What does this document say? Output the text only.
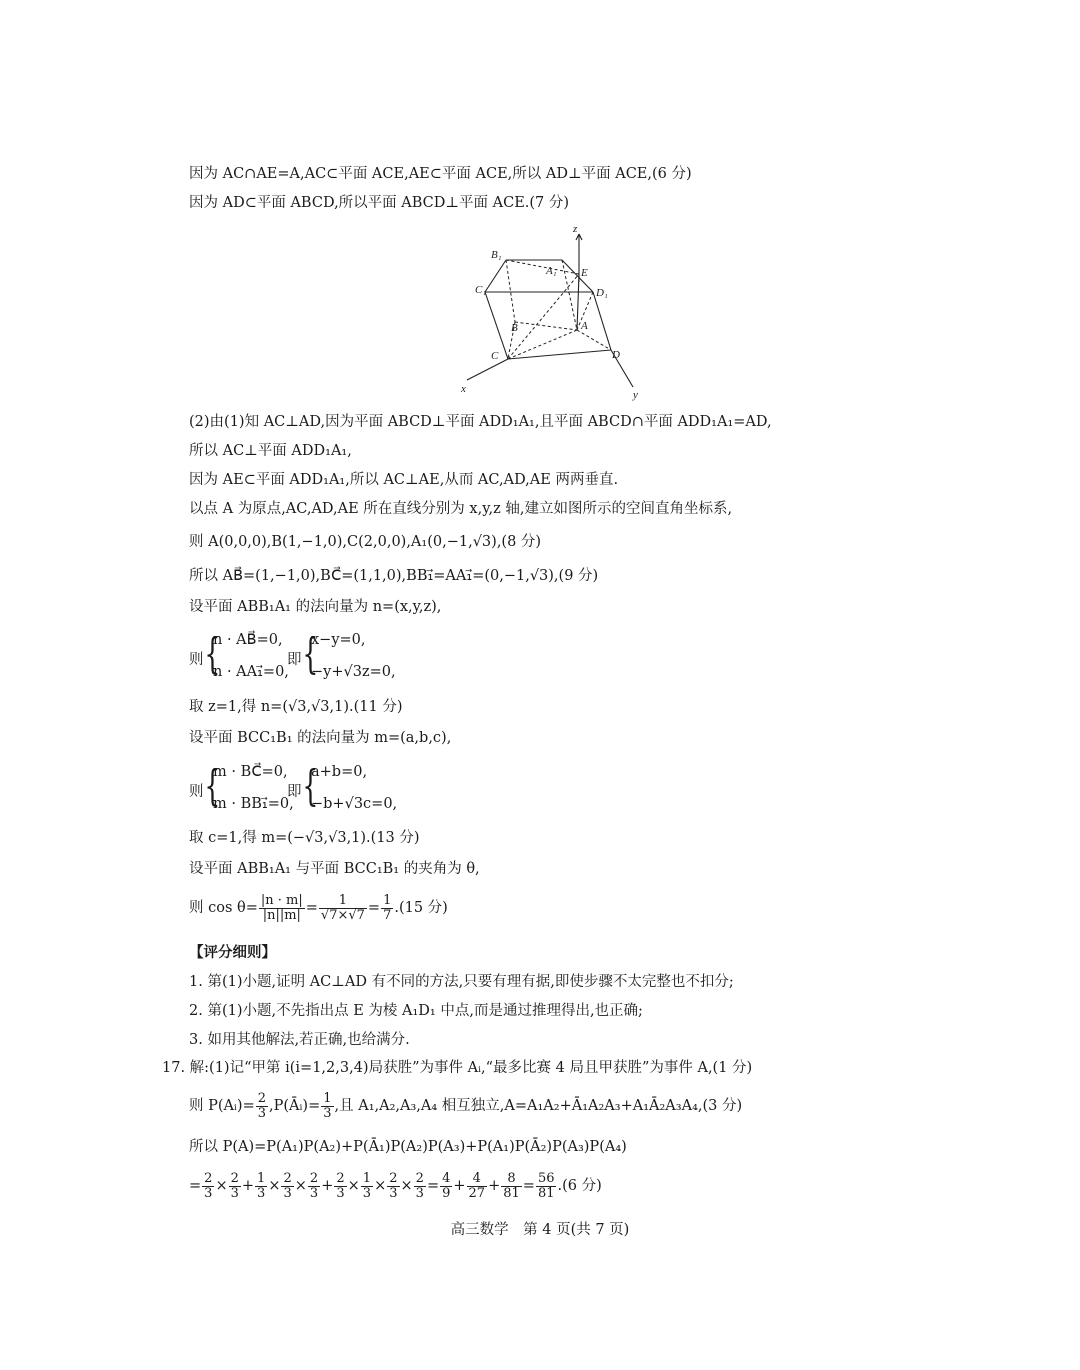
因为 AC∩AE=A,AC⊂平面 ACE,AE⊂平面 ACE,所以 AD⊥平面 ACE,(6 分)
因为 AD⊂平面 ABCD,所以平面 ABCD⊥平面 ACE.(7 分)
B₁
A₁ E
C₁	D₁
B	A
C	D
x	y
z
(2)由(1)知 AC⊥AD,因为平面 ABCD⊥平面 ADD₁A₁,且平面 ABCD∩平面 ADD₁A₁=AD,
所以 AC⊥平面 ADD₁A₁,
因为 AE⊂平面 ADD₁A₁,所以 AC⊥AE,从而 AC,AD,AE 两两垂直.
以点 A 为原点,AC,AD,AE 所在直线分别为 x,y,z 轴,建立如图所示的空间直角坐标系,
则 A(0,0,0),B(1,−1,0),C(2,0,0),A₁(0,−1,√3),(8 分)
所以 AB⃗=(1,−1,0),BC⃗=(1,1,0),BB₁⃗=AA₁⃗=(0,−1,√3),(9 分)
设平面 ABB₁A₁ 的法向量为 n=(x,y,z),
则 {
n · AB⃗=0,
n · AA₁⃗=0,
即 {
x−y=0,
−y+√3z=0,
取 z=1,得 n=(√3,√3,1).(11 分)
设平面 BCC₁B₁ 的法向量为 m=(a,b,c),
则 {
m · BC⃗=0,
m · BB₁⃗=0,
即 {
a+b=0,
−b+√3c=0,
取 c=1,得 m=(−√3,√3,1).(13 分)
设平面 ABB₁A₁ 与平面 BCC₁B₁ 的夹角为 θ,
则 $\cos \theta= \frac{|n \cdot m|}{|n||m|} = \frac{1}{√7\times√7} = \frac{1}{7} .(15$ 分)
【评分细则】
1. 第(1)小题,证明 AC⊥AD 有不同的方法,只要有理有据,即使步骤不太完整也不扣分;
2. 第(1)小题,不先指出点 E 为棱 A₁D₁ 中点,而是通过推理得出,也正确;
3. 如用其他解法,若正确,也给满分.
17. 解:(1)记“甲第 i(i=1,2,3,4)局获胜”为事件 Aᵢ,“最多比赛 4 局且甲获胜”为事件 A,(1 分)
则 P(Aᵢ)= $\frac{2}{3}$ ,P(Āᵢ)= $\frac{1}{3}$ ,且 A₁,A₂,A₃,A₄ 相互独立,A=A₁A₂+Ā₁A₂A₃+A₁Ā₂A₃A₄,(3 分)
所以 P(A)=P(A₁)P(A₂)+P(Ā₁)P(A₂)P(A₃)+P(A₁)P(Ā₂)P(A₃)P(A₄)
= $\frac{2}{3} \times \frac{2}{3} + \frac{1}{3} \times \frac{2}{3} \times \frac{2}{3} + \frac{2}{3} \times \frac{1}{3} \times \frac{2}{3} \times \frac{2}{3} = \frac{4}{9} + \frac{4}{27} + \frac{8}{81} = \frac{56}{81} .(6$ 分)
高三数学　第 4 页(共 7 页)
